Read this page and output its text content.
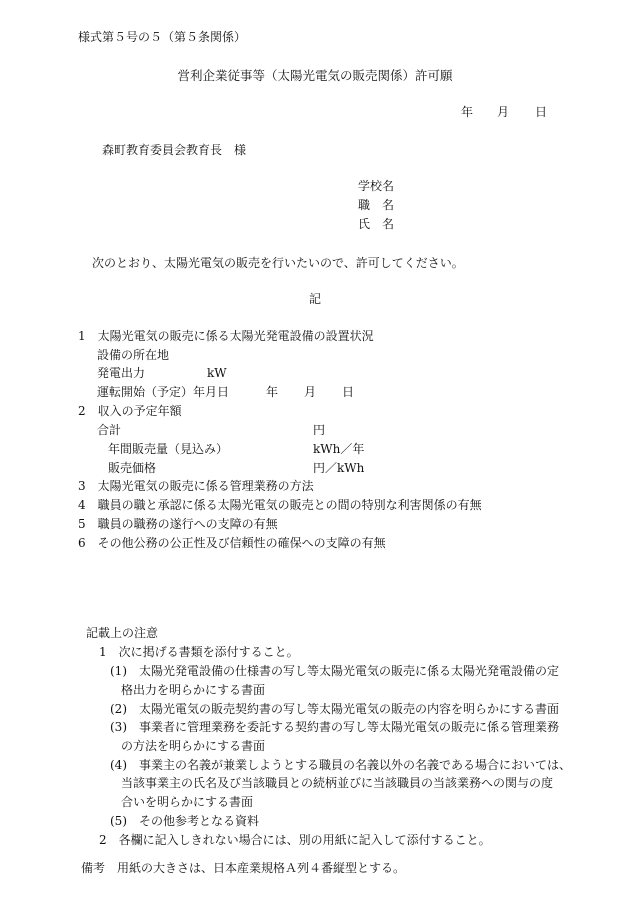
様式第５号の５（第５条関係）
営利企業従事等（太陽光電気の販売関係）許可願
年 月 日
森町教育委員会教育長　様
学校名
職　名
氏　名
次のとおり、太陽光電気の販売を行いたいので、許可してください。
記
1　太陽光電気の販売に係る太陽光発電設備の設置状況
設備の所在地
発電出力	kW
運転開始（予定）年月日	年 月 日
2　収入の予定年額
合計	円
年間販売量（見込み）	kWh／年
販売価格	円／kWh
3　太陽光電気の販売に係る管理業務の方法
4　職員の職と承認に係る太陽光電気の販売との間の特別な利害関係の有無
5　職員の職務の遂行への支障の有無
6　その他公務の公正性及び信頼性の確保への支障の有無
記載上の注意
1　次に掲げる書類を添付すること。
(1)　太陽光発電設備の仕様書の写し等太陽光電気の販売に係る太陽光発電設備の定
格出力を明らかにする書面
(2)　太陽光電気の販売契約書の写し等太陽光電気の販売の内容を明らかにする書面
(3)　事業者に管理業務を委託する契約書の写し等太陽光電気の販売に係る管理業務
の方法を明らかにする書面
(4)　事業主の名義が兼業しようとする職員の名義以外の名義である場合においては、
当該事業主の氏名及び当該職員との続柄並びに当該職員の当該業務への関与の度
合いを明らかにする書面
(5)　その他参考となる資料
2　各欄に記入しきれない場合には、別の用紙に記入して添付すること。
備考　用紙の大きさは、日本産業規格Ａ列４番縦型とする。
